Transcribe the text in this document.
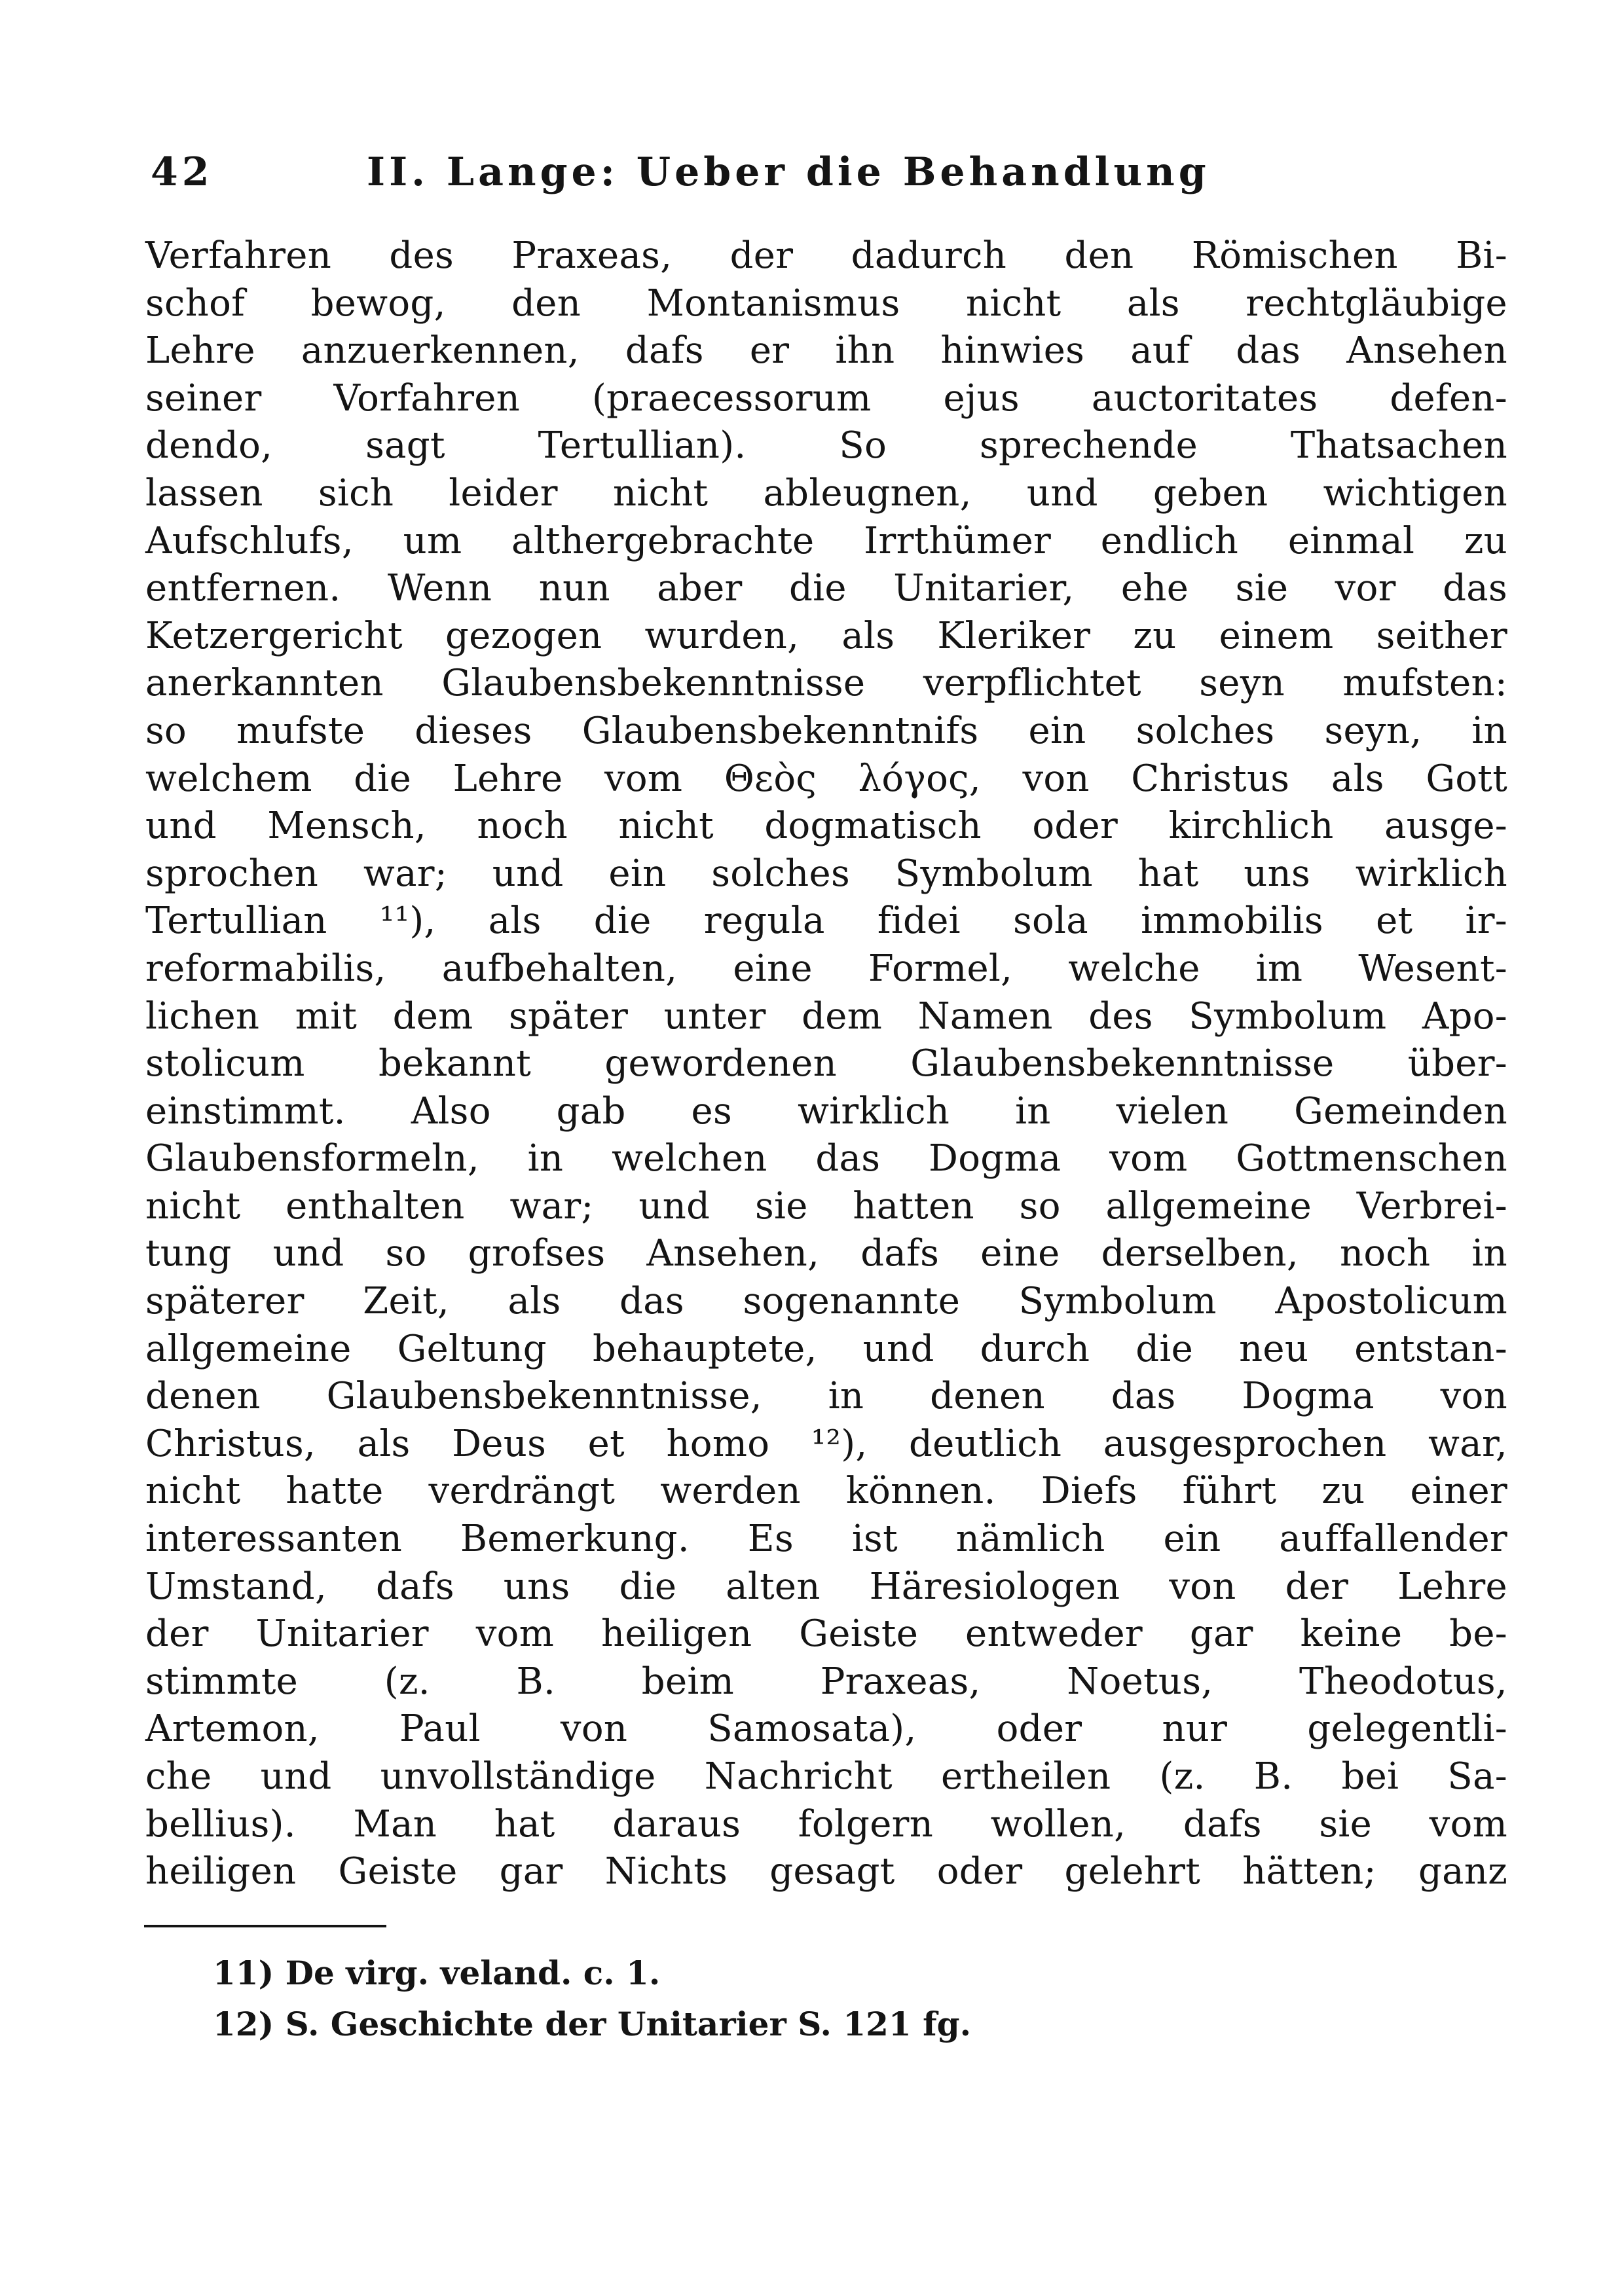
42	II. Lange: Ueber die Behandlung
Verfahren des Praxeas, der dadurch den Römischen Bi-
schof bewog, den Montanismus nicht als rechtgläubige
Lehre anzuerkennen, dafs er ihn hinwies auf das Ansehen
seiner Vorfahren (praecessorum ejus auctoritates defen-
dendo, sagt Tertullian). So sprechende Thatsachen
lassen sich leider nicht ableugnen, und geben wichtigen
Aufschlufs, um althergebrachte Irrthümer endlich einmal zu
entfernen. Wenn nun aber die Unitarier, ehe sie vor das
Ketzergericht gezogen wurden, als Kleriker zu einem seither
anerkannten Glaubensbekenntnisse verpflichtet seyn mufsten:
so mufste dieses Glaubensbekenntnifs ein solches seyn, in
welchem die Lehre vom Θεὸς λόγος, von Christus als Gott
und Mensch, noch nicht dogmatisch oder kirchlich ausge-
sprochen war; und ein solches Symbolum hat uns wirklich
Tertullian ¹¹), als die regula fidei sola immobilis et ir-
reformabilis, aufbehalten, eine Formel, welche im Wesent-
lichen mit dem später unter dem Namen des Symbolum Apo-
stolicum bekannt gewordenen Glaubensbekenntnisse über-
einstimmt. Also gab es wirklich in vielen Gemeinden
Glaubensformeln, in welchen das Dogma vom Gottmenschen
nicht enthalten war; und sie hatten so allgemeine Verbrei-
tung und so grofses Ansehen, dafs eine derselben, noch in
späterer Zeit, als das sogenannte Symbolum Apostolicum
allgemeine Geltung behauptete, und durch die neu entstan-
denen Glaubensbekenntnisse, in denen das Dogma von
Christus, als Deus et homo ¹²), deutlich ausgesprochen war,
nicht hatte verdrängt werden können. Diefs führt zu einer
interessanten Bemerkung. Es ist nämlich ein auffallender
Umstand, dafs uns die alten Häresiologen von der Lehre
der Unitarier vom heiligen Geiste entweder gar keine be-
stimmte (z. B. beim Praxeas, Noetus, Theodotus,
Artemon, Paul von Samosata), oder nur gelegentli-
che und unvollständige Nachricht ertheilen (z. B. bei Sa-
bellius). Man hat daraus folgern wollen, dafs sie vom
heiligen Geiste gar Nichts gesagt oder gelehrt hätten; ganz
11) De virg. veland. c. 1.
12) S. Geschichte der Unitarier S. 121 fg.
